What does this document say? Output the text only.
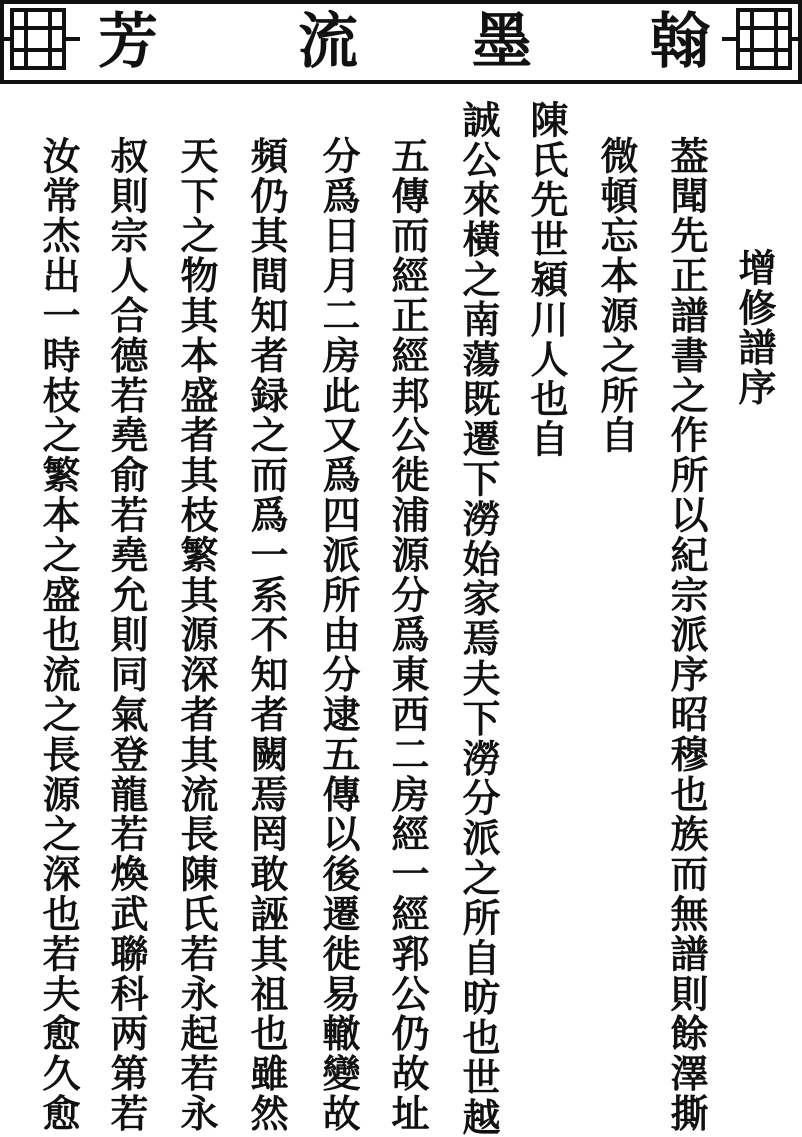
芳 流 墨 翰
增修譜序
葢聞先正譜書之作所以紀宗派序昭穆也族而無譜則餘澤撕
微頓忘本源之所自
陳氏先世潁川人也自
誠公來橫之南蕩既遷下澇始家焉夫下澇分派之所自昉也世越
五傳而經正經邦公徙浦源分爲東西二房經一經郛公仍故址
分爲日月二房此又爲四派所由分逮五傳以後遷徙易轍變故
頻仍其間知者録之而爲一系不知者闕焉罔敢誣其祖也雖然
天下之物其本盛者其枝繁其源深者其流長陳氏若永起若永
叔則宗人合德若堯俞若堯允則同氣登龍若煥武聯科两第若
汝常杰出一時枝之繁本之盛也流之長源之深也若夫愈久愈
